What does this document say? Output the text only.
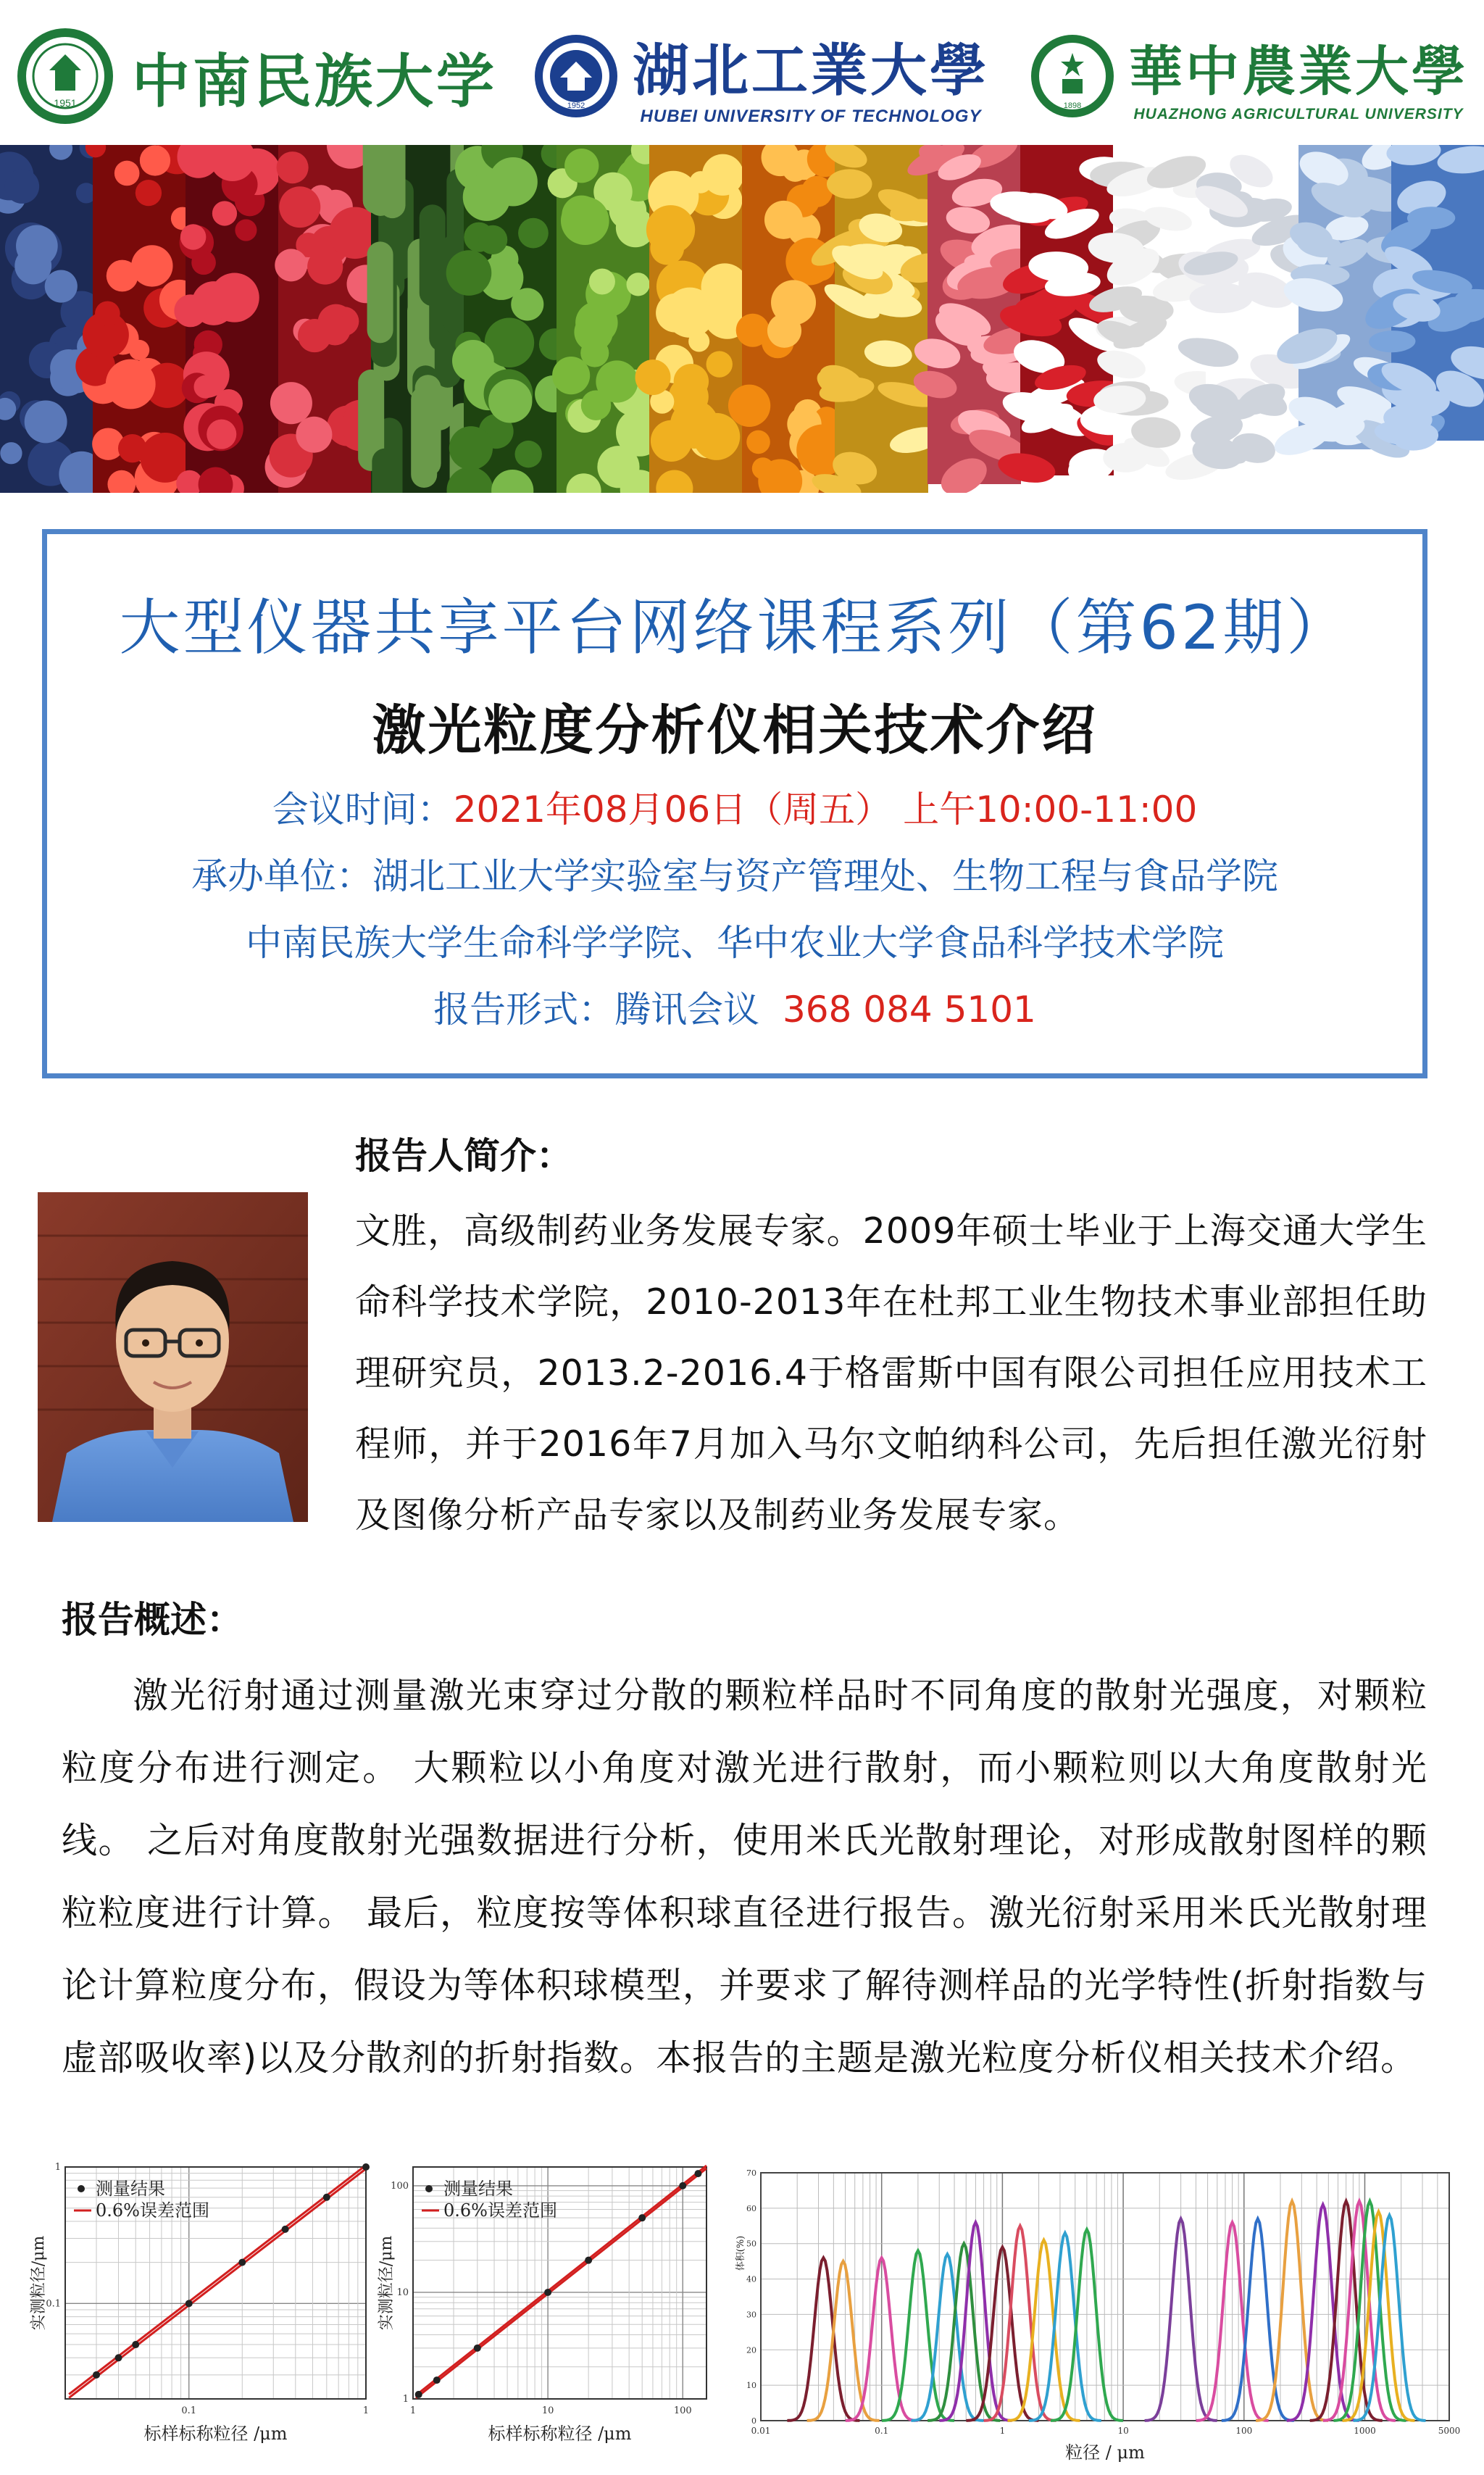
1951 中南民族大学	1952
湖北工業大學
HUBEI UNIVERSITY OF TECHNOLOGY
1898
華中農業大學
HUAZHONG AGRICULTURAL UNIVERSITY
大型仪器共享平台网络课程系列（第62期）
激光粒度分析仪相关技术介绍
会议时间：2021年08月06日（周五） 上午10:00-11:00
承办单位：湖北工业大学实验室与资产管理处、生物工程与食品学院
中南民族大学生命科学学院、华中农业大学食品科学技术学院
报告形式：腾讯会议 368 084 5101
报告人简介：
文胜，高级制药业务发展专家。2009年硕士毕业于上海交通大学生命科学技术学院，2010-2013年在杜邦工业生物技术事业部担任助理研究员，2013.2-2016.4于格雷斯中国有限公司担任应用技术工程师，并于2016年7月加入马尔文帕纳科公司，先后担任激光衍射及图像分析产品专家以及制药业务发展专家。
报告概述：
激光衍射通过测量激光束穿过分散的颗粒样品时不同角度的散射光强度，对颗粒粒度分布进行测定。 大颗粒以小角度对激光进行散射，而小颗粒则以大角度散射光线。 之后对角度散射光强数据进行分析，使用米氏光散射理论，对形成散射图样的颗粒粒度进行计算。 最后，粒度按等体积球直径进行报告。激光衍射采用米氏光散射理论计算粒度分布，假设为等体积球模型，并要求了解待测样品的光学特性(折射指数与虚部吸收率)以及分散剂的折射指数。本报告的主题是激光粒度分析仪相关技术介绍。
0.1	1
0.1
1
标样标称粒径 /μm
实测粒径/μm
测量结果
0.6%误差范围
1	10	100
1
10
100
标样标称粒径 /μm
实测粒径/μm
测量结果
0.6%误差范围
0.01	0.1	1	10	100	1000	5000
0
10
20
30
40
50
60
70
粒径 / μm
体积(%)
